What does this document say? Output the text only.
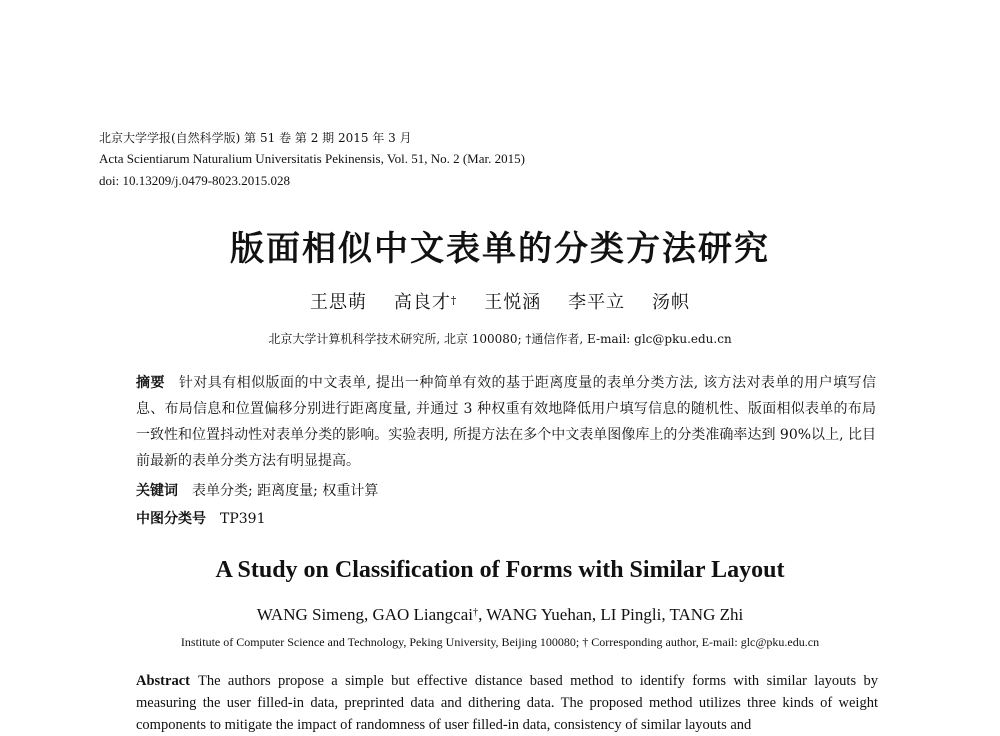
北京大学学报(自然科学版) 第 51 卷 第 2 期 2015 年 3 月
Acta Scientiarum Naturalium Universitatis Pekinensis, Vol. 51, No. 2 (Mar. 2015)
doi: 10.13209/j.0479-8023.2015.028
版面相似中文表单的分类方法研究
王思萌 高良才† 王悦涵 李平立 汤帜
北京大学计算机科学技术研究所, 北京 100080; †通信作者, E-mail: glc@pku.edu.cn
摘要 针对具有相似版面的中文表单, 提出一种简单有效的基于距离度量的表单分类方法, 该方法对表单的用户填写信息、布局信息和位置偏移分别进行距离度量, 并通过 3 种权重有效地降低用户填写信息的随机性、版面相似表单的布局一致性和位置抖动性对表单分类的影响。实验表明, 所提方法在多个中文表单图像库上的分类准确率达到 90%以上, 比目前最新的表单分类方法有明显提高。
关键词 表单分类; 距离度量; 权重计算
中图分类号 TP391
A Study on Classification of Forms with Similar Layout
WANG Simeng, GAO Liangcai†, WANG Yuehan, LI Pingli, TANG Zhi
Institute of Computer Science and Technology, Peking University, Beijing 100080; † Corresponding author, E-mail: glc@pku.edu.cn
Abstract The authors propose a simple but effective distance based method to identify forms with similar layouts by measuring the user filled-in data, preprinted data and dithering data. The proposed method utilizes three kinds of weight components to mitigate the impact of randomness of user filled-in data, consistency of similar layouts and
